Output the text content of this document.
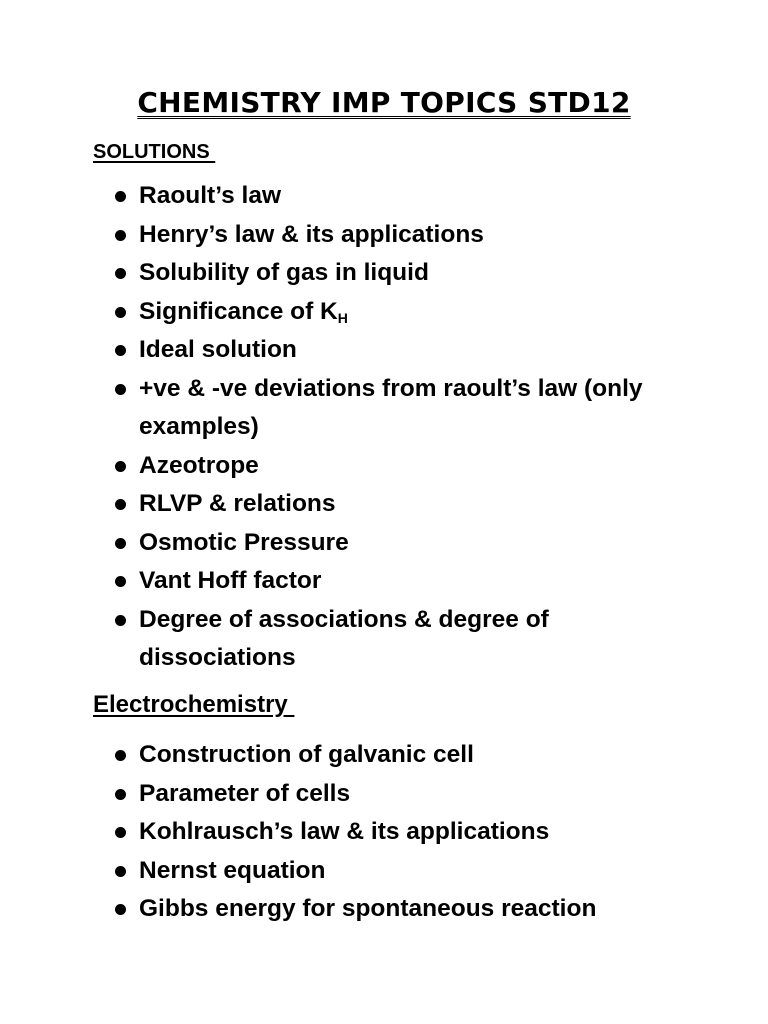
CHEMISTRY IMP TOPICS STD12
SOLUTIONS
Raoult’s law
Henry’s law & its applications
Solubility of gas in liquid
Significance of $K_H$
Ideal solution
+ve & -ve deviations from raoult’s law (only examples)
Azeotrope
RLVP & relations
Osmotic Pressure
Vant Hoff factor
Degree of associations & degree of dissociations
Electrochemistry
Construction of galvanic cell
Parameter of cells
Kohlrausch’s law & its applications
Nernst equation
Gibbs energy for spontaneous reaction
